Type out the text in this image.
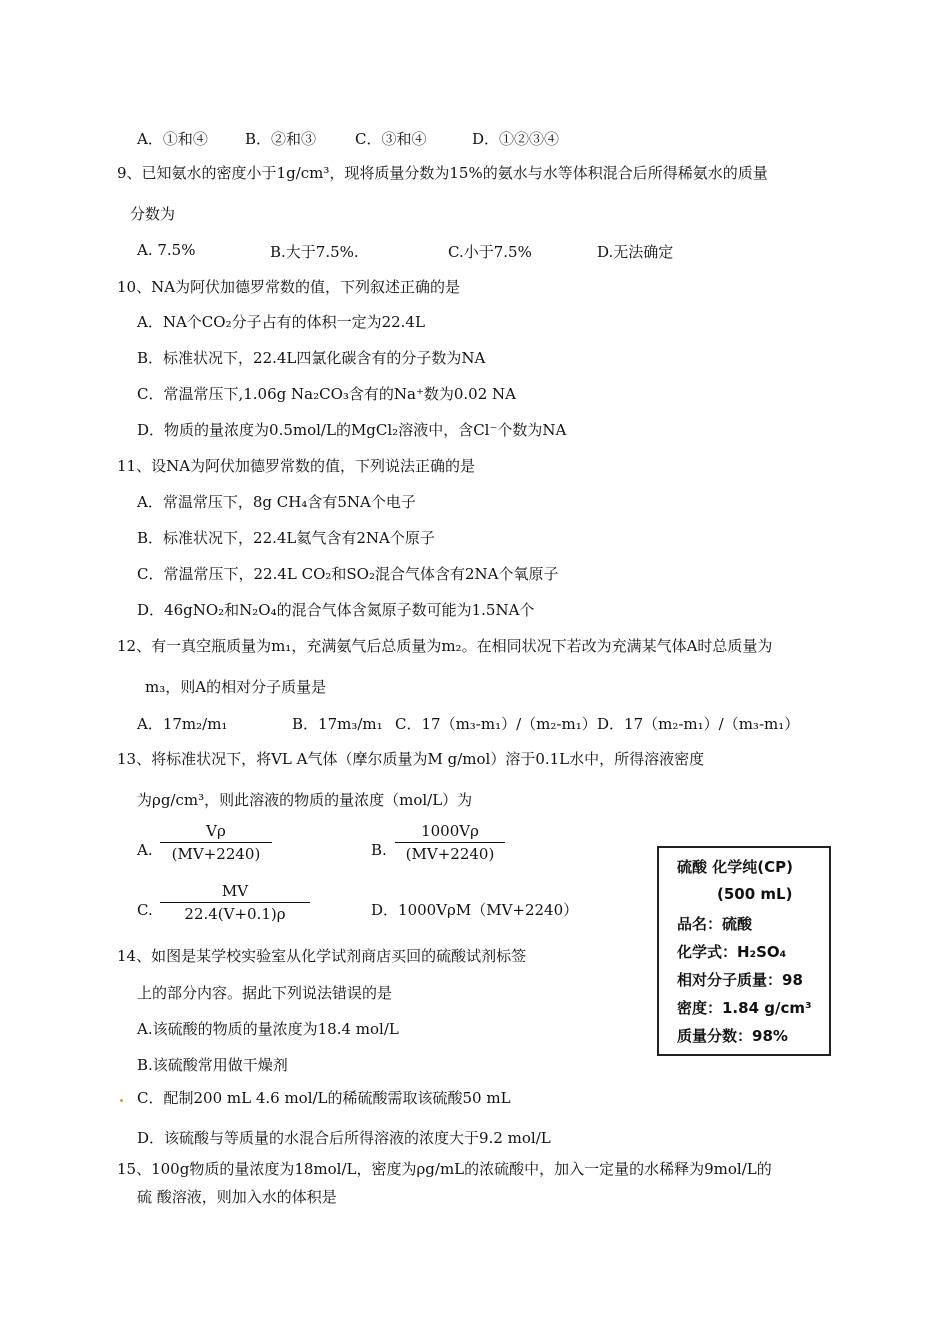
A．①和④ B．②和③	C．③和④	D．①②③④
9、已知氨水的密度小于1g/cm³，现将质量分数为15%的氨水与水等体积混合后所得稀氨水的质量
分数为
A. 7.5%	B.大于7.5%.	C.小于7.5%	D.无法确定
10、NA为阿伏加德罗常数的值，下列叙述正确的是
A．NA个CO₂分子占有的体积一定为22.4L
B．标准状况下，22.4L四氯化碳含有的分子数为NA
C．常温常压下,1.06g Na₂CO₃含有的Na⁺数为0.02 NA
D．物质的量浓度为0.5mol/L的MgCl₂溶液中，含Cl⁻个数为NA
11、设NA为阿伏加德罗常数的值，下列说法正确的是
A．常温常压下，8g CH₄含有5NA个电子
B．标准状况下，22.4L氦气含有2NA个原子
C．常温常压下，22.4L CO₂和SO₂混合气体含有2NA个氧原子
D．46gNO₂和N₂O₄的混合气体含氮原子数可能为1.5NA个
12、有一真空瓶质量为m₁，充满氨气后总质量为m₂。在相同状况下若改为充满某气体A时总质量为
m₃，则A的相对分子质量是
A．17m₂/m₁	B．17m₃/m₁ C．17（m₃-m₁）/（m₂-m₁） D．17（m₂-m₁）/（m₃-m₁）
13、将标准状况下，将VL A气体（摩尔质量为M g/mol）溶于0.1L水中，所得溶液密度
为ρg/cm³，则此溶液的物质的量浓度（mol/L）为
A.
Vρ
(MV+2240)	B.
1000Vρ
(MV+2240)
C.
MV
22.4(V+0.1)ρ	D．1000VρM（MV+2240）
硫酸 化学纯(CP)
(500 mL)
品名：硫酸
化学式：H₂SO₄
相对分子质量：98
密度：1.84 g/cm³
质量分数：98%
14、如图是某学校实验室从化学试剂商店买回的硫酸试剂标签
上的部分内容。据此下列说法错误的是
A.该硫酸的物质的量浓度为18.4 mol/L
B.该硫酸常用做干燥剂
C．配制200 mL 4.6 mol/L的稀硫酸需取该硫酸50 mL
D．该硫酸与等质量的水混合后所得溶液的浓度大于9.2 mol/L
15、100g物质的量浓度为18mol/L，密度为ρg/mL的浓硫酸中，加入一定量的水稀释为9mol/L的
硫 酸溶液，则加入水的体积是
